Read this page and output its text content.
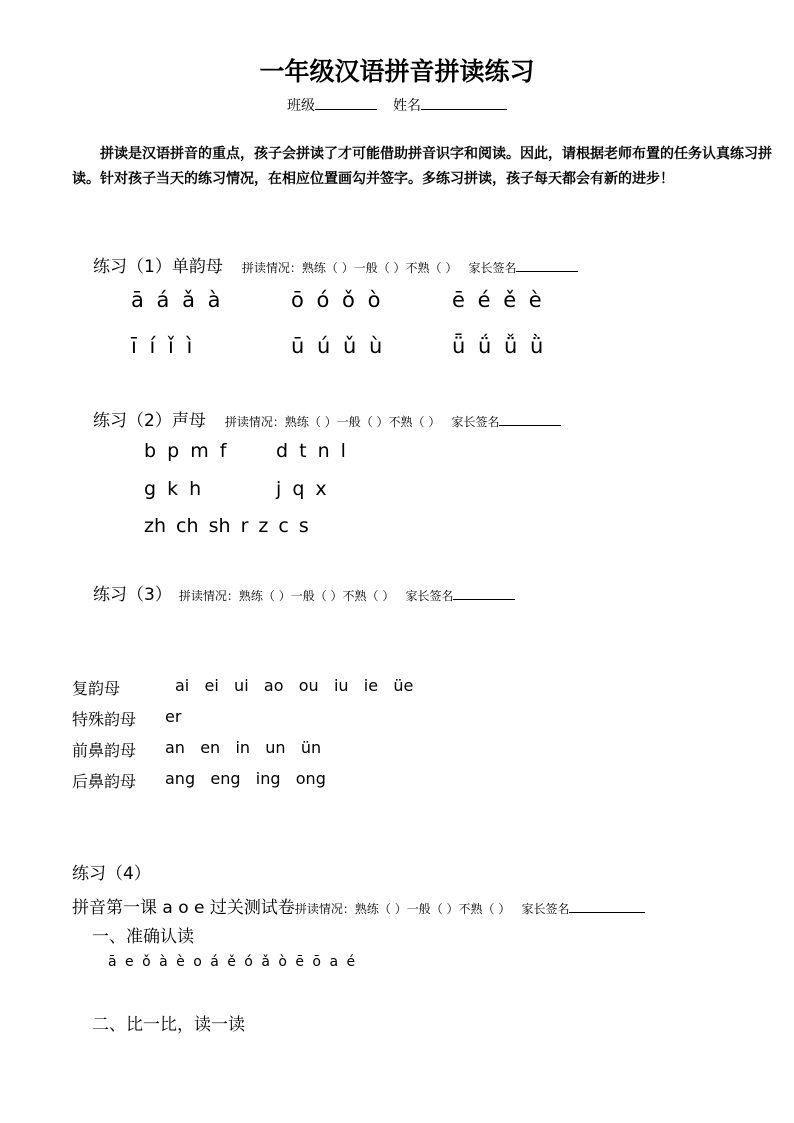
一年级汉语拼音拼读练习
班级	姓名
拼读是汉语拼音的重点，孩子会拼读了才可能借助拼音识字和阅读。因此，请根据老师布置的任务认真练习拼读。针对孩子当天的练习情况，在相应位置画勾并签字。多练习拼读，孩子每天都会有新的进步！
练习（1）单韵母 拼读情况：熟练（ ）一般（ ）不熟（ ） 家长签名
ā á ǎ à	ō ó ǒ ò	ē é ě è
ī í ǐ ì	ū ú ǔ ù	ǖ ǘ ǚ ǜ
练习（2）声母 拼读情况：熟练（ ）一般（ ）不熟（ ） 家长签名
b p m f	d t n l
g k h	j q x
zh ch sh r z c s
练习（3） 拼读情况：熟练（ ）一般（ ）不熟（ ） 家长签名
复韵母	ai   ei   ui   ao   ou   iu   ie   üe
特殊韵母 er
前鼻韵母 an   en   in   un   ün
后鼻韵母 ang   eng   ing   ong
练习（4）
拼音第一课 a o e 过关测试卷拼读情况：熟练（ ）一般（ ）不熟（ ） 家长签名
一、准确认读
ā e ǒ à è o á ě ó ǎ ò ē ō a é
二、比一比，读一读
